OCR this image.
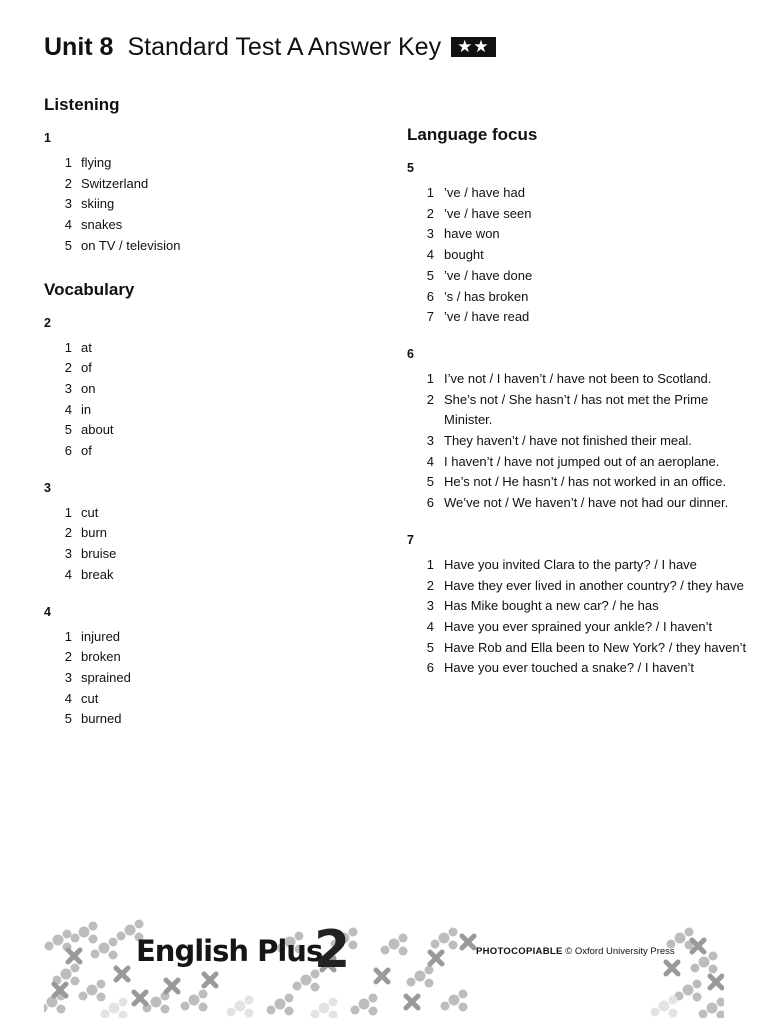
Unit 8 Standard Test A Answer Key ★★
Listening

1

1 flying
2 Switzerland
3 skiing
4 snakes
5 on TV / television
Vocabulary

2

1 at
2 of
3 on
4 in
5 about
6 of

3

1 cut
2 burn
3 bruise
4 break

4

1 injured
2 broken
3 sprained
4 cut
5 burned
Language focus

5

1 ’ve / have had
2 ’ve / have seen
3 have won
4 bought
5 ’ve / have done
6 ’s / has broken
7 ’ve / have read

6

1 I’ve not / I haven’t / have not been to Scotland.
2 She’s not / She hasn’t / has not met the Prime Minister.
3 They haven’t / have not finished their meal.
4 I haven’t / have not jumped out of an aeroplane.
5 He’s not / He hasn’t / has not worked in an office.
6 We’ve not / We haven’t / have not had our dinner.

7

1 Have you invited Clara to the party? / I have
2 Have they ever lived in another country? / they have
3 Has Mike bought a new car? / he has
4 Have you ever sprained your ankle? / I haven’t
5 Have Rob and Ella been to New York? / they haven’t
6 Have you ever touched a snake? / I haven’t
English Plus
2	PHOTOCOPIABLE © Oxford University Press
